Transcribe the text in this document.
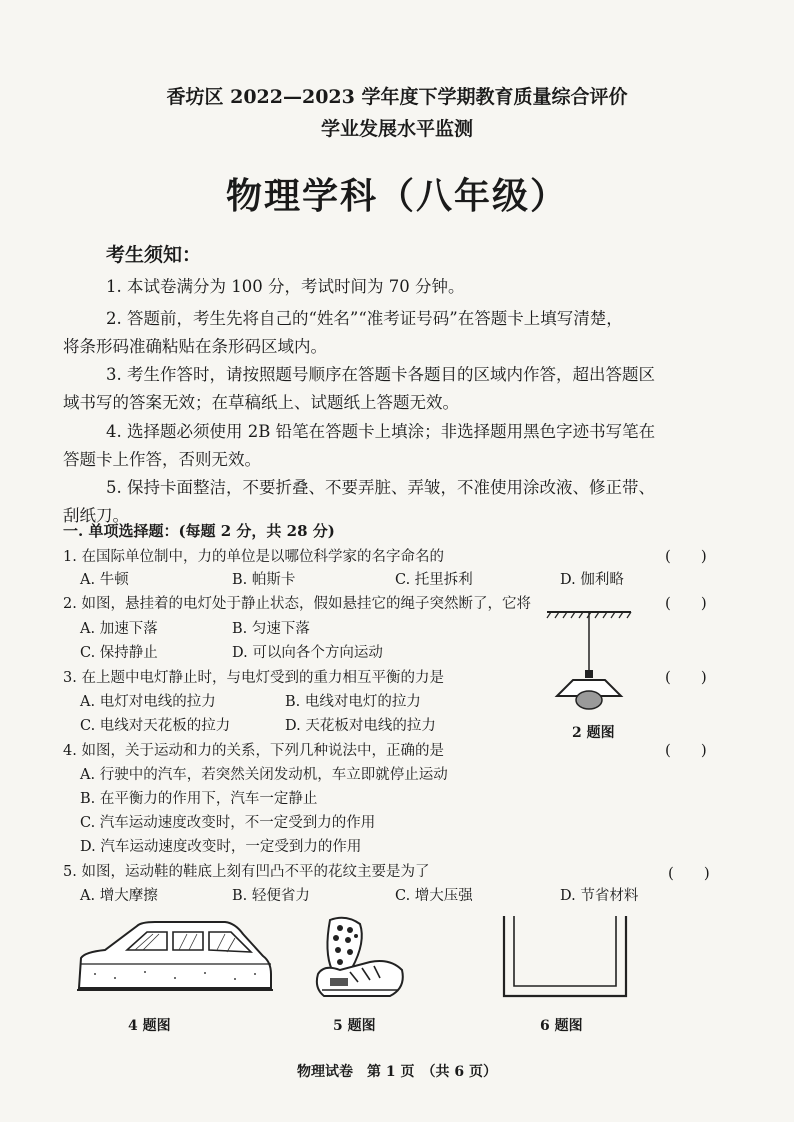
香坊区 2022—2023 学年度下学期教育质量综合评价
学业发展水平监测
物理学科（八年级）
考生须知：
1. 本试卷满分为 100 分，考试时间为 70 分钟。
2. 答题前，考生先将自己的“姓名”“准考证号码”在答题卡上填写清楚，
将条形码准确粘贴在条形码区域内。
3. 考生作答时，请按照题号顺序在答题卡各题目的区域内作答，超出答题区
域书写的答案无效；在草稿纸上、试题纸上答题无效。
4. 选择题必须使用 2B 铅笔在答题卡上填涂；非选择题用黑色字迹书写笔在
答题卡上作答，否则无效。
5. 保持卡面整洁，不要折叠、不要弄脏、弄皱，不准使用涂改液、修正带、
刮纸刀。
一. 单项选择题：(每题 2 分，共 28 分)
1. 在国际单位制中，力的单位是以哪位科学家的名字命名的	(　　)
A. 牛顿	B. 帕斯卡	C. 托里拆利	D. 伽利略
2. 如图，悬挂着的电灯处于静止状态，假如悬挂它的绳子突然断了，它将	(　　)
A. 加速下落	B. 匀速下落
C. 保持静止	D. 可以向各个方向运动
3. 在上题中电灯静止时，与电灯受到的重力相互平衡的力是	(　　)
A. 电灯对电线的拉力	B. 电线对电灯的拉力
C. 电线对天花板的拉力	D. 天花板对电线的拉力
4. 如图，关于运动和力的关系，下列几种说法中，正确的是	(　　)
A. 行驶中的汽车，若突然关闭发动机，车立即就停止运动
B. 在平衡力的作用下，汽车一定静止
C. 汽车运动速度改变时，不一定受到力的作用
D. 汽车运动速度改变时，一定受到力的作用
5. 如图，运动鞋的鞋底上刻有凹凸不平的花纹主要是为了	(　　)
A. 增大摩擦	B. 轻便省力	C. 增大压强	D. 节省材料
2 题图
4 题图	5 题图	6 题图
物理试卷　第 1 页　（共 6 页）
